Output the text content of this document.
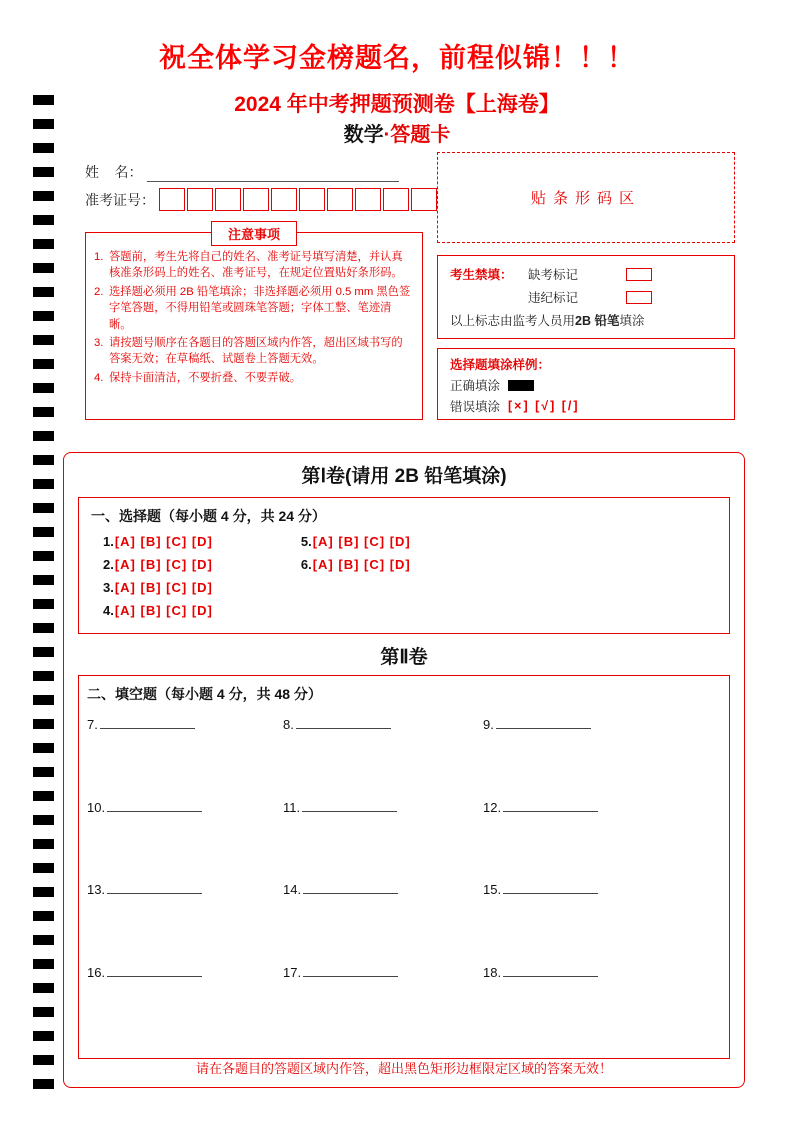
祝全体学习金榜题名，前程似锦！！！
2024 年中考押题预测卷【上海卷】
数学·答题卡
姓    名：
准考证号：	贴条形码区
注意事项
1. 答题前，考生先将自己的姓名、准考证号填写清楚，并认真核准条形码上的姓名、准考证号，在规定位置贴好条形码。
2. 选择题必须用 2B 铅笔填涂；非选择题必须用 0.5 mm 黑色签字笔答题，不得用铅笔或圆珠笔答题；字体工整、笔迹清晰。
3. 请按题号顺序在各题目的答题区域内作答，超出区域书写的答案无效；在草稿纸、试题卷上答题无效。
4. 保持卡面清洁，不要折叠、不要弄破。
考生禁填：	缺考标记
违纪标记
以上标志由监考人员用2B 铅笔填涂
选择题填涂样例：
正确填涂
错误填涂 [×] [√] [/]
第Ⅰ卷(请用 2B 铅笔填涂)
一、选择题（每小题 4 分，共 24 分）
1.[A] [B] [C] [D]
2.[A] [B] [C] [D]
3.[A] [B] [C] [D]
4.[A] [B] [C] [D]
5.[A] [B] [C] [D]
6.[A] [B] [C] [D]
第Ⅱ卷
二、填空题（每小题 4 分，共 48 分）
7.	8.	9.
10.	11.	12.
13.	14.	15.
16.	17.	18.
请在各题目的答题区域内作答，超出黑色矩形边框限定区域的答案无效！
